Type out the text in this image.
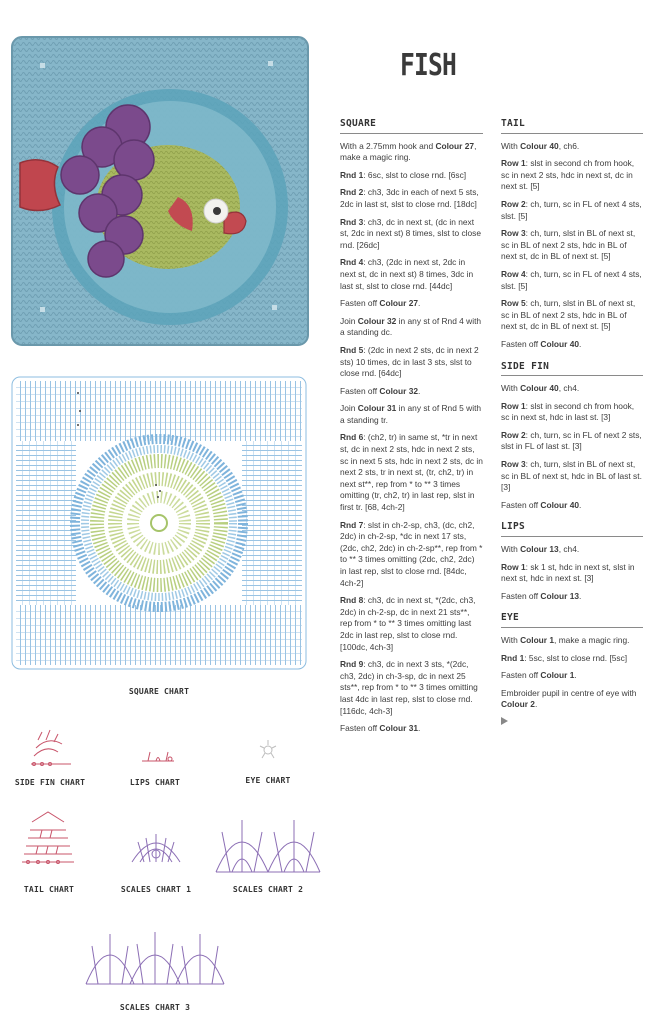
SQUARE CHART
SIDE FIN CHART	LIPS CHART	EYE CHART
TAIL CHART	SCALES CHART 1	SCALES CHART 2
SCALES CHART 3
FISH
SQUARE

With a 2.75mm hook and Colour 27, make a magic ring.

Rnd 1: 6sc, slst to close rnd. [6sc]

Rnd 2: ch3, 3dc in each of next 5 sts, 2dc in last st, slst to close rnd. [18dc]

Rnd 3: ch3, dc in next st, (dc in next st, 2dc in next st) 8 times, slst to close rnd. [26dc]

Rnd 4: ch3, (2dc in next st, 2dc in next st, dc in next st) 8 times, 3dc in last st, slst to close rnd. [44dc]

Fasten off Colour 27.

Join Colour 32 in any st of Rnd 4 with a standing dc.

Rnd 5: (2dc in next 2 sts, dc in next 2 sts) 10 times, dc in last 3 sts, slst to close rnd. [64dc]

Fasten off Colour 32.

Join Colour 31 in any st of Rnd 5 with a standing tr.

Rnd 6: (ch2, tr) in same st, *tr in next st, dc in next 2 sts, hdc in next 2 sts, sc in next 5 sts, hdc in next 2 sts, dc in next 2 sts, tr in next st, (tr, ch2, tr) in next st**, rep from * to ** 3 times omitting (tr, ch2, tr) in last rep, slst in first tr. [68, 4ch-2]

Rnd 7: slst in ch-2-sp, ch3, (dc, ch2, 2dc) in ch-2-sp, *dc in next 17 sts, (2dc, ch2, 2dc) in ch-2-sp**, rep from * to ** 3 times omitting (2dc, ch2, 2dc) in last rep, slst to close rnd. [84dc, 4ch-2]

Rnd 8: ch3, dc in next st, *(2dc, ch3, 2dc) in ch-2-sp, dc in next 21 sts**, rep from * to ** 3 times omitting last 2dc in last rep, slst to close rnd. [100dc, 4ch-3]

Rnd 9: ch3, dc in next 3 sts, *(2dc, ch3, 2dc) in ch-3-sp, dc in next 25 sts**, rep from * to ** 3 times omitting last 4dc in last rep, slst to close rnd. [116dc, 4ch-3]

Fasten off Colour 31.

TAIL

With Colour 40, ch6.

Row 1: slst in second ch from hook, sc in next 2 sts, hdc in next st, dc in next st. [5]

Row 2: ch, turn, sc in FL of next 4 sts, slst. [5]

Row 3: ch, turn, slst in BL of next st, sc in BL of next 2 sts, hdc in BL of next st, dc in BL of next st. [5]

Row 4: ch, turn, sc in FL of next 4 sts, slst. [5]

Row 5: ch, turn, slst in BL of next st, sc in BL of next 2 sts, hdc in BL of next st, dc in BL of next st. [5]

Fasten off Colour 40.

SIDE FIN

With Colour 40, ch4.

Row 1: slst in second ch from hook, sc in next st, hdc in last st. [3]

Row 2: ch, turn, sc in FL of next 2 sts, slst in FL of last st. [3]

Row 3: ch, turn, slst in BL of next st, sc in BL of next st, hdc in BL of last st. [3]

Fasten off Colour 40.

LIPS

With Colour 13, ch4.

Row 1: sk 1 st, hdc in next st, slst in next st, hdc in next st. [3]

Fasten off Colour 13.

EYE

With Colour 1, make a magic ring.

Rnd 1: 5sc, slst to close rnd. [5sc]

Fasten off Colour 1.

Embroider pupil in centre of eye with Colour 2.
